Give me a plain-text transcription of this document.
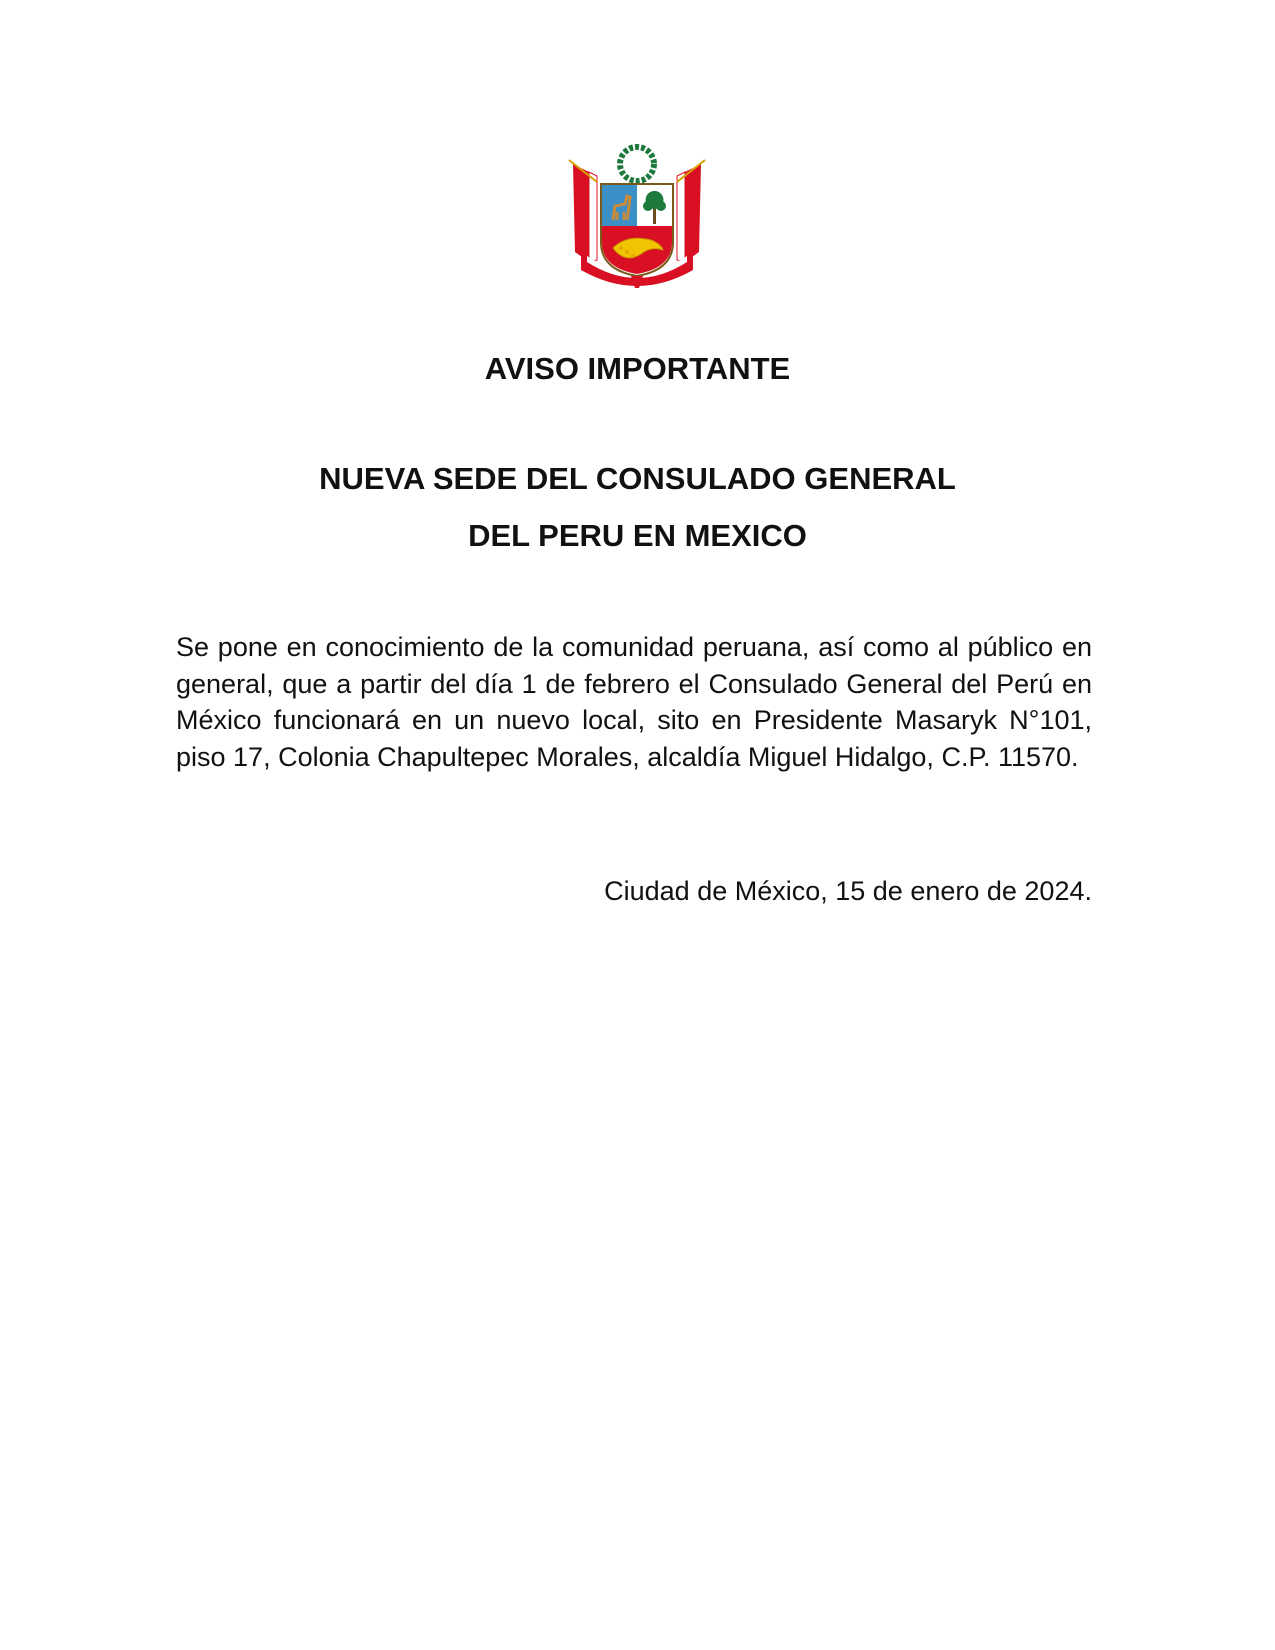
AVISO IMPORTANTE
NUEVA SEDE DEL CONSULADO GENERAL
DEL PERU EN MEXICO

Se pone en conocimiento de la comunidad peruana, así como al público en general, que a partir del día 1 de febrero el Consulado General del Perú en México funcionará en un nuevo local, sito en Presidente Masaryk N°101, piso 17, Colonia Chapultepec Morales, alcaldía Miguel Hidalgo, C.P. 11570.

Ciudad de México, 15 de enero de 2024.
